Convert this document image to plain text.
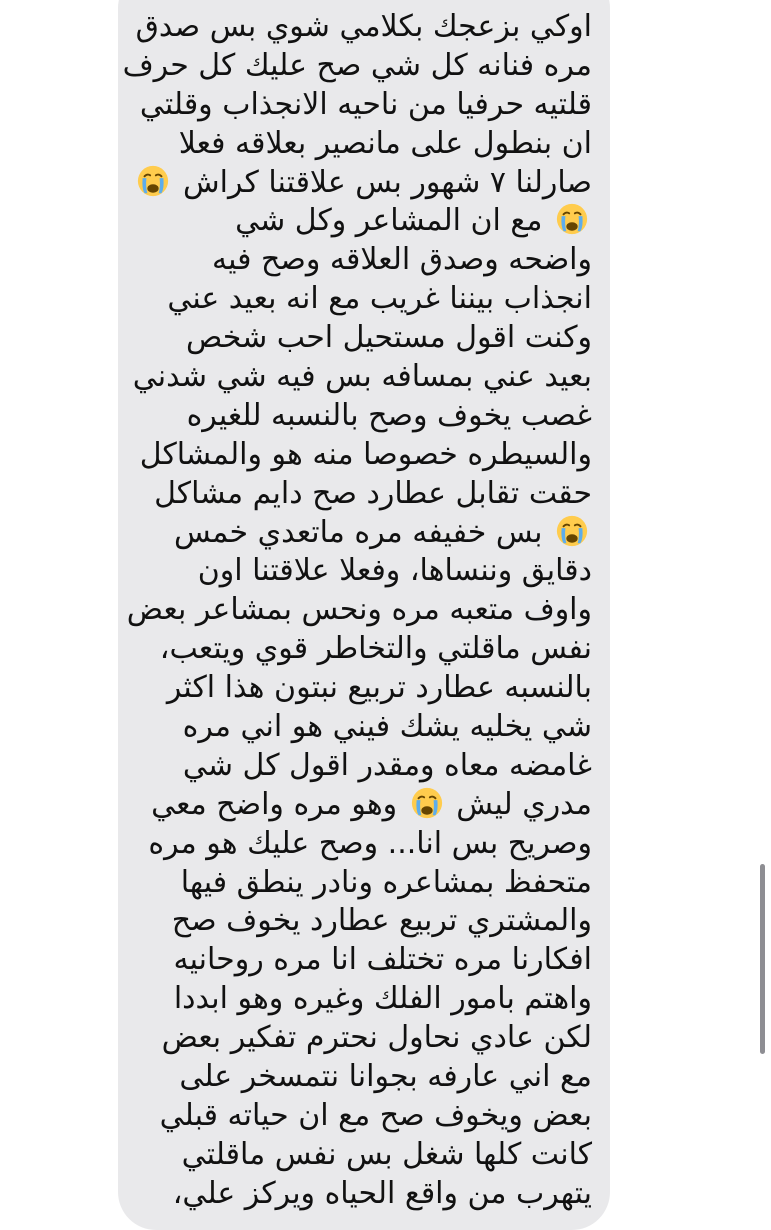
اوكي بزعجك بكلامي شوي بس صدق
مره فنانه كل شي صح عليك كل حرف
قلتيه حرفيا من ناحيه الانجذاب وقلتي
ان بنطول على مانصير بعلاقه فعلا
صارلنا ٧ شهور بس علاقتنا كراش
مع ان المشاعر وكل شي
واضحه وصدق العلاقه وصح فيه
انجذاب بيننا غريب مع انه بعيد عني
وكنت اقول مستحيل احب شخص
بعيد عني بمسافه بس فيه شي شدني
غصب يخوف وصح بالنسبه للغيره
والسيطره خصوصا منه هو والمشاكل
حقت تقابل عطارد صح دايم مشاكل
بس خفيفه مره ماتعدي خمس
دقايق وننساها، وفعلا علاقتنا اون
واوف متعبه مره ونحس بمشاعر بعض
نفس ماقلتي والتخاطر قوي ويتعب،
بالنسبه عطارد تربيع نبتون هذا اكثر
شي يخليه يشك فيني هو اني مره
غامضه معاه ومقدر اقول كل شي
مدري ليش  وهو مره واضح معي
وصريح بس انا... وصح عليك هو مره
متحفظ بمشاعره ونادر ينطق فيها
والمشتري تربيع عطارد يخوف صح
افكارنا مره تختلف انا مره روحانيه
واهتم بامور الفلك وغيره وهو ابددا
لكن عادي نحاول نحترم تفكير بعض
مع اني عارفه بجوانا نتمسخر على
بعض ويخوف صح مع ان حياته قبلي
كانت كلها شغل بس نفس ماقلتي
يتهرب من واقع الحياه ويركز علي،
